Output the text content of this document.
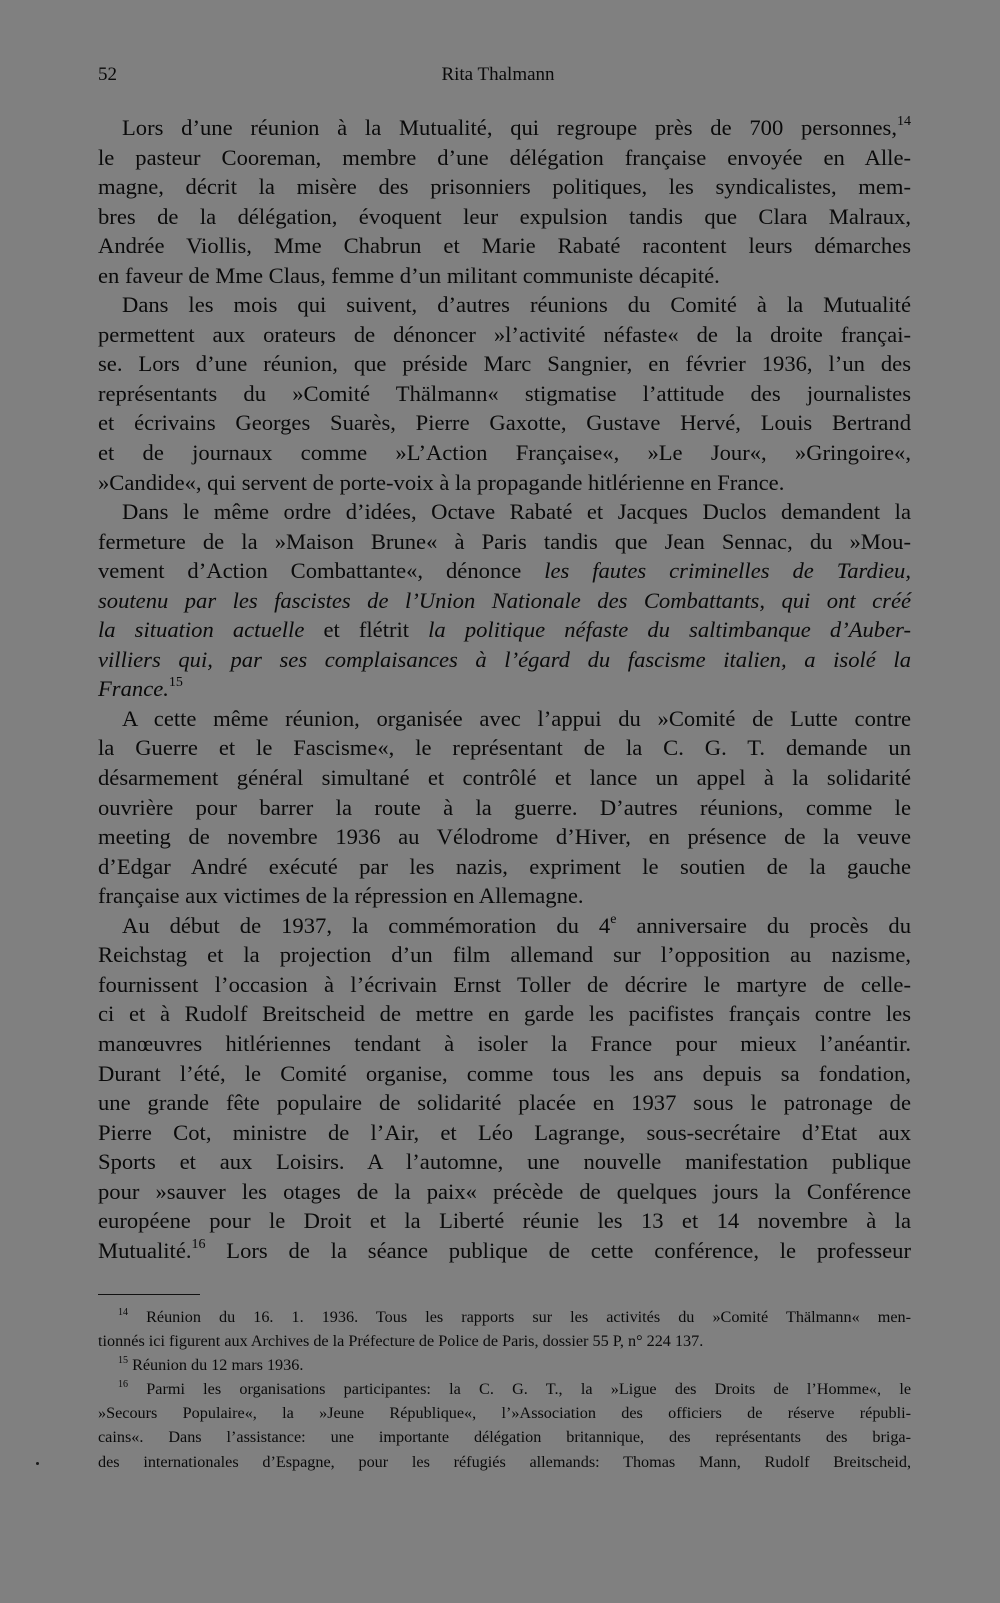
52	Rita Thalmann
Lors d’une réunion à la Mutualité, qui regroupe près de 700 personnes,$^{14}$
le pasteur Cooreman, membre d’une délégation française envoyée en Alle-
magne, décrit la misère des prisonniers politiques, les syndicalistes, mem-
bres de la délégation, évoquent leur expulsion tandis que Clara Malraux,
Andrée Viollis, Mme Chabrun et Marie Rabaté racontent leurs démarches
en faveur de Mme Claus, femme d’un militant communiste décapité.
Dans les mois qui suivent, d’autres réunions du Comité à la Mutualité
permettent aux orateurs de dénoncer »l’activité néfaste« de la droite françai-
se. Lors d’une réunion, que préside Marc Sangnier, en février 1936, l’un des
représentants du »Comité Thälmann« stigmatise l’attitude des journalistes
et écrivains Georges Suarès, Pierre Gaxotte, Gustave Hervé, Louis Bertrand
et de journaux comme »L’Action Française«, »Le Jour«, »Gringoire«,
»Candide«, qui servent de porte-voix à la propagande hitlérienne en France.
Dans le même ordre d’idées, Octave Rabaté et Jacques Duclos demandent la
fermeture de la »Maison Brune« à Paris tandis que Jean Sennac, du »Mou-
vement d’Action Combattante«, dénonce les fautes criminelles de Tardieu,
soutenu par les fascistes de l’Union Nationale des Combattants, qui ont créé
la situation actuelle et flétrit la politique néfaste du saltimbanque d’Auber-
villiers qui, par ses complaisances à l’égard du fascisme italien, a isolé la
France.$^{15}$
A cette même réunion, organisée avec l’appui du »Comité de Lutte contre
la Guerre et le Fascisme«, le représentant de la C. G. T. demande un
désarmement général simultané et contrôlé et lance un appel à la solidarité
ouvrière pour barrer la route à la guerre. D’autres réunions, comme le
meeting de novembre 1936 au Vélodrome d’Hiver, en présence de la veuve
d’Edgar André exécuté par les nazis, expriment le soutien de la gauche
française aux victimes de la répression en Allemagne.
Au début de 1937, la commémoration du 4e anniversaire du procès du
Reichstag et la projection d’un film allemand sur l’opposition au nazisme,
fournissent l’occasion à l’écrivain Ernst Toller de décrire le martyre de celle-
ci et à Rudolf Breitscheid de mettre en garde les pacifistes français contre les
manœuvres hitlériennes tendant à isoler la France pour mieux l’anéantir.
Durant l’été, le Comité organise, comme tous les ans depuis sa fondation,
une grande fête populaire de solidarité placée en 1937 sous le patronage de
Pierre Cot, ministre de l’Air, et Léo Lagrange, sous-secrétaire d’Etat aux
Sports et aux Loisirs. A l’automne, une nouvelle manifestation publique
pour »sauver les otages de la paix« précède de quelques jours la Conférence
européene pour le Droit et la Liberté réunie les 13 et 14 novembre à la
Mutualité.$^{16}$ Lors de la séance publique de cette conférence, le professeur
$^{14}$ Réunion du 16. 1. 1936. Tous les rapports sur les activités du »Comité Thälmann« men-
tionnés ici figurent aux Archives de la Préfecture de Police de Paris, dossier 55 P, n° 224 137.
$^{15}$ Réunion du 12 mars 1936.
$^{16}$ Parmi les organisations participantes: la C. G. T., la »Ligue des Droits de l’Homme«, le
»Secours Populaire«, la »Jeune République«, l’»Association des officiers de réserve républi-
cains«. Dans l’assistance: une importante délégation britannique, des représentants des briga-
des internationales d’Espagne, pour les réfugiés allemands: Thomas Mann, Rudolf Breitscheid,
